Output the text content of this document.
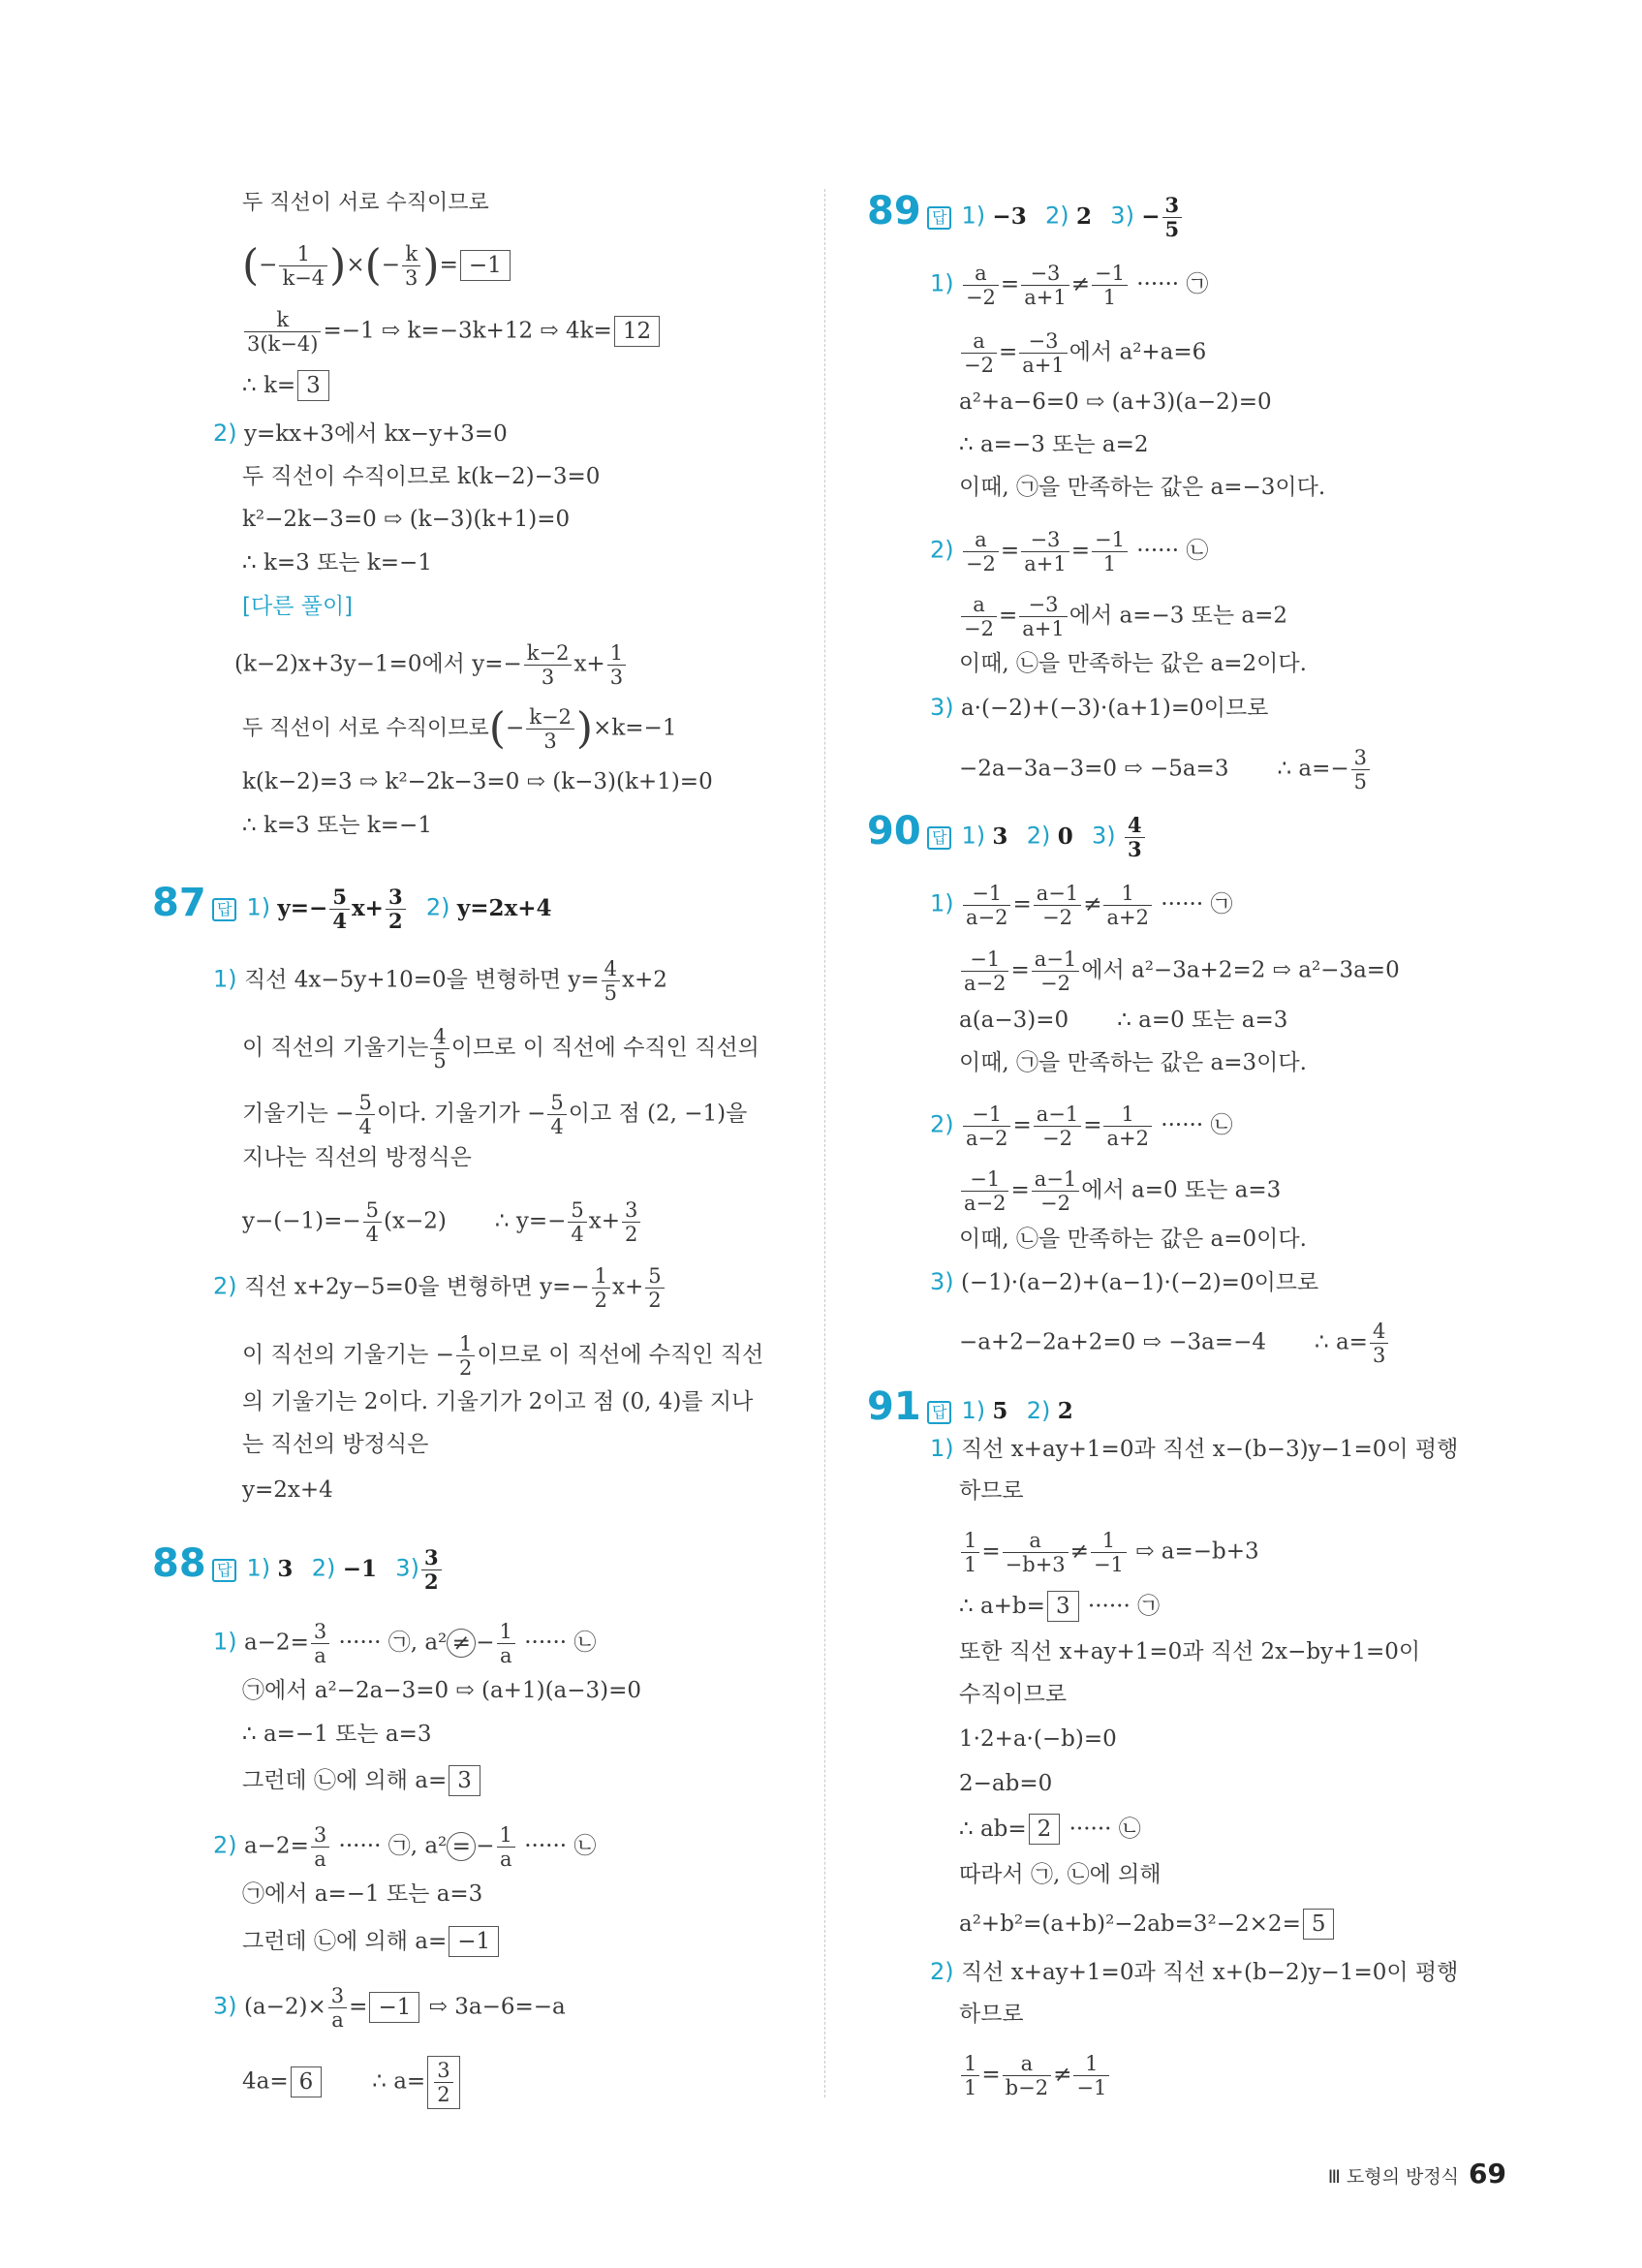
두 직선이 서로 수직이므로
(− $\frac{1}{k-4}$ )×(− $\frac{k}{3}$ )= −1
$\frac{k}{3(k-4)} =-1$ ⇨ k=−3k+12 ⇨ 4k= 12
∴ k= 3
2) y=kx+3에서 kx−y+3=0
두 직선이 수직이므로 k(k−2)−3=0
k²−2k−3=0 ⇨ (k−3)(k+1)=0
∴ k=3 또는 k=−1
[다른 풀이]
(k−2)x+3y−1=0에서 $y=- \frac{k-2}{3} x+ \frac{1}{3}$
두 직선이 서로 수직이므로(− $\frac{k-2}{3} )\times k=-1$
k(k−2)=3 ⇨ k²−2k−3=0 ⇨ (k−3)(k+1)=0
∴ k=3 또는 k=−1
87 답 1) $y=- \frac{5}{4} x+ \frac{3}{2} 2$) y=2x+4
1) 직선 4x−5y+10=0을 변형하면 $y= \frac{4}{5} x+2$
이 직선의 기울기는 $\frac{4}{5}$ 이므로 이 직선에 수직인 직선의
기울기는 − $\frac{5}{4}$ 이다. 기울기가 − $\frac{5}{4}$ 이고 점 (2, −1)을
지나는 직선의 방정식은
$y-(-1)=- \frac{5}{4} (x-2)$ ∴ $y=- \frac{5}{4} x+ \frac{3}{2}$
2) 직선 x+2y−5=0을 변형하면 $y=- \frac{1}{2} x+ \frac{5}{2}$
이 직선의 기울기는 − $\frac{1}{2}$ 이므로 이 직선에 수직인 직선
의 기울기는 2이다. 기울기가 2이고 점 (0, 4)를 지나
는 직선의 방정식은
y=2x+4
88 답 1) 3 2) −1 $3) \frac{3}{2}$
1) $a-2= \frac{3}{a}$ ······ ㉠, a² ≠ − $\frac{1}{a}$ ······ ㉡
㉠에서 a²−2a−3=0 ⇨ (a+1)(a−3)=0
∴ a=−1 또는 a=3
그런데 ㉡에 의해 a= 3
2) $a-2= \frac{3}{a}$ ······ ㉠, a² = − $\frac{1}{a}$ ······ ㉡
㉠에서 a=−1 또는 a=3
그런데 ㉡에 의해 a= −1
3) $(a-2)\times \frac{3}{a} = -1$ ⇨ 3a−6=−a
4a= 6	∴ $a= \frac{3}{2}$
89 답 1) −3 2) 2 $3) - \frac{3}{5}$
$1) \frac{a}{-2} = \frac{-3}{a+1} \ne \frac{-1}{1}$ ······ ㉠
$\frac{a}{-2} = \frac{-3}{a+1}$ 에서 a²+a=6
a²+a−6=0 ⇨ (a+3)(a−2)=0
∴ a=−3 또는 a=2
이때, ㉠을 만족하는 값은 a=−3이다.
$2) \frac{a}{-2} = \frac{-3}{a+1} = \frac{-1}{1}$ ······ ㉡
$\frac{a}{-2} = \frac{-3}{a+1}$ 에서 a=−3 또는 a=2
이때, ㉡을 만족하는 값은 a=2이다.
3) a·(−2)+(−3)·(a+1)=0이므로
−2a−3a−3=0 ⇨ −5a=3 ∴ $a=- \frac{3}{5}$
90 답 1) 3 2) 0 $3) \frac{4}{3}$
$1) \frac{-1}{a-2} = \frac{a-1}{-2} \ne \frac{1}{a+2}$ ······ ㉠
$\frac{-1}{a-2} = \frac{a-1}{-2}$ 에서 a²−3a+2=2 ⇨ a²−3a=0
a(a−3)=0 ∴ a=0 또는 a=3
이때, ㉠을 만족하는 값은 a=3이다.
$2) \frac{-1}{a-2} = \frac{a-1}{-2} = \frac{1}{a+2}$ ······ ㉡
$\frac{-1}{a-2} = \frac{a-1}{-2}$ 에서 a=0 또는 a=3
이때, ㉡을 만족하는 값은 a=0이다.
3) (−1)·(a−2)+(a−1)·(−2)=0이므로
−a+2−2a+2=0 ⇨ −3a=−4 ∴ $a= \frac{4}{3}$
91 답 1) 5 2) 2
1) 직선 x+ay+1=0과 직선 x−(b−3)y−1=0이 평행
하므로
$\frac{1}{1} = \frac{a}{-b+3} \ne \frac{1}{-1}$ ⇨ a=−b+3
∴ a+b= 3 ······ ㉠
또한 직선 x+ay+1=0과 직선 2x−by+1=0이
수직이므로
1·2+a·(−b)=0
2−ab=0
∴ ab= 2 ······ ㉡
따라서 ㉠, ㉡에 의해
a²+b²=(a+b)²−2ab=3²−2×2= 5
2) 직선 x+ay+1=0과 직선 x+(b−2)y−1=0이 평행
하므로
$\frac{1}{1} = \frac{a}{b-2} \ne \frac{1}{-1}$
Ⅲ 도형의 방정식 69
